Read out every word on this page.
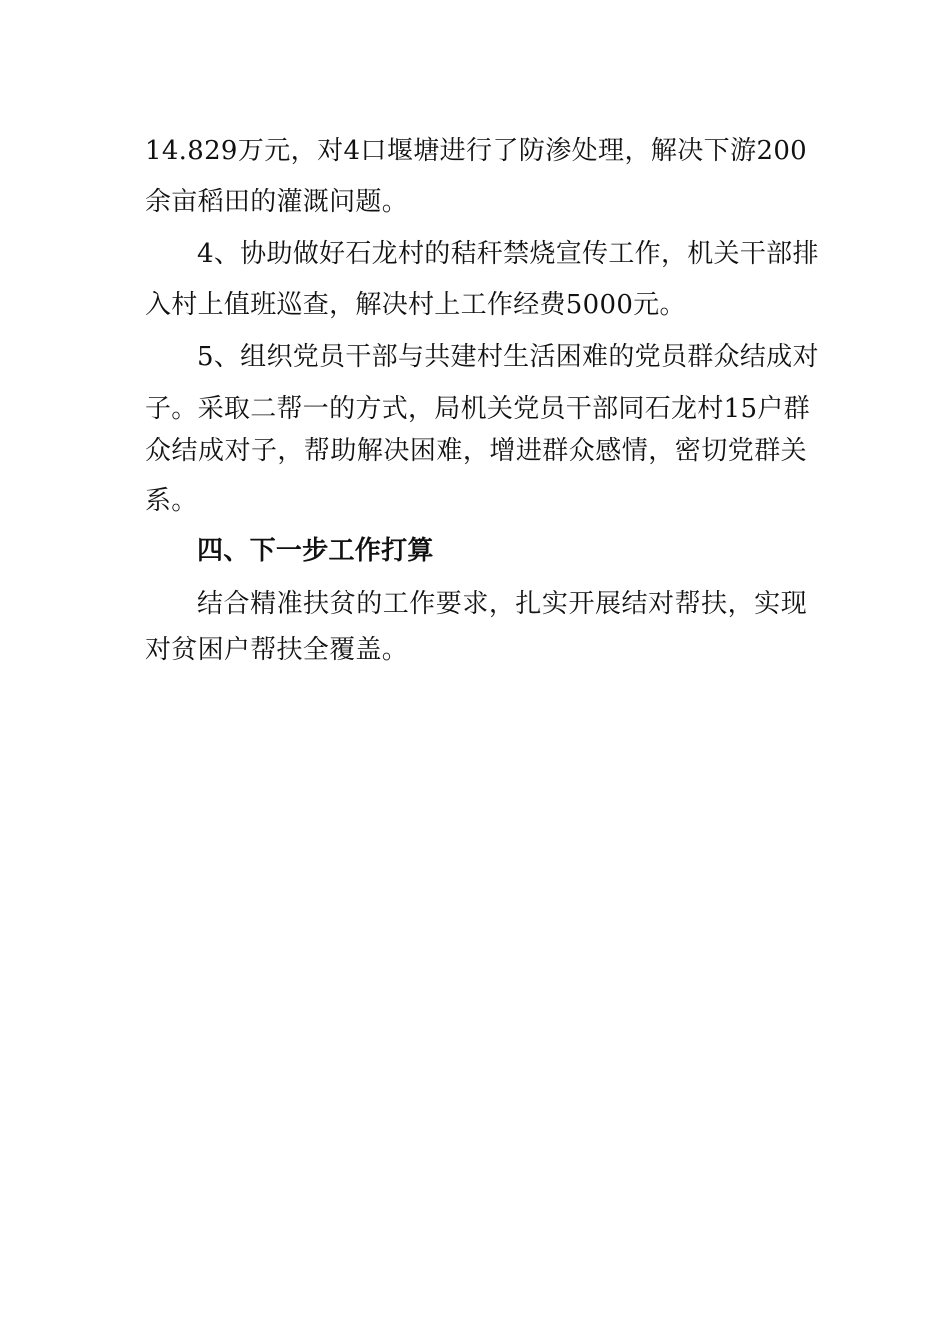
14.829万元，对4口堰塘进行了防渗处理，解决下游200
余亩稻田的灌溉问题。
4、协助做好石龙村的秸秆禁烧宣传工作，机关干部排
入村上值班巡查，解决村上工作经费5000元。
5、组织党员干部与共建村生活困难的党员群众结成对
子。采取二帮一的方式，局机关党员干部同石龙村15户群
众结成对子，帮助解决困难，增进群众感情，密切党群关
系。
四、下一步工作打算
结合精准扶贫的工作要求，扎实开展结对帮扶，实现
对贫困户帮扶全覆盖。
